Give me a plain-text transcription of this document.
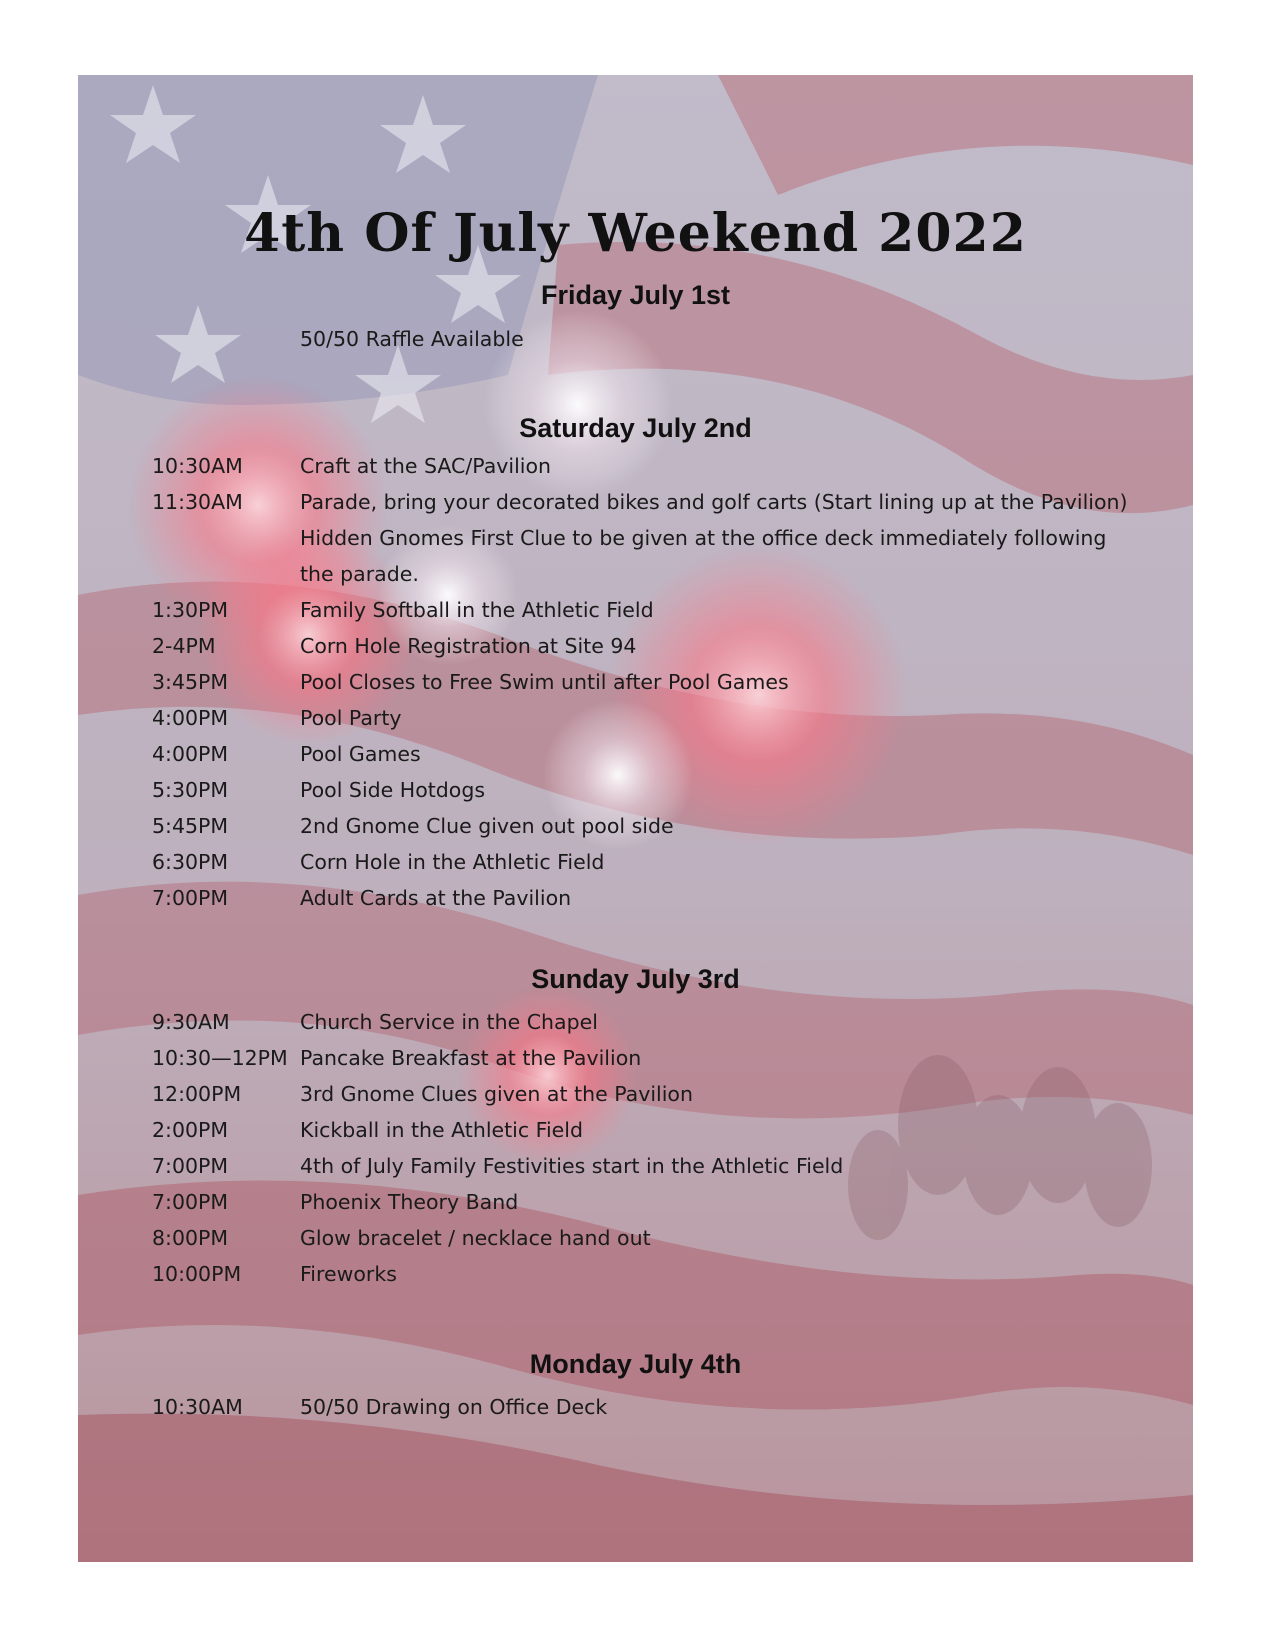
4th Of July Weekend 2022
Friday July 1st
50/50 Raffle Available
Saturday July 2nd
10:30AM	Craft at the SAC/Pavilion
11:30AM	Parade, bring your decorated bikes and golf carts (Start lining up at the Pavilion)
Hidden Gnomes First Clue to be given at the office deck immediately following
the parade.
1:30PM	Family Softball in the Athletic Field
2-4PM	Corn Hole Registration at Site 94
3:45PM	Pool Closes to Free Swim until after Pool Games
4:00PM	Pool Party
4:00PM	Pool Games
5:30PM	Pool Side Hotdogs
5:45PM	2nd Gnome Clue given out pool side
6:30PM	Corn Hole in the Athletic Field
7:00PM	Adult Cards at the Pavilion
Sunday July 3rd
9:30AM	Church Service in the Chapel
10:30—12PM Pancake Breakfast at the Pavilion
12:00PM	3rd Gnome Clues given at the Pavilion
2:00PM	Kickball in the Athletic Field
7:00PM	4th of July Family Festivities start in the Athletic Field
7:00PM	Phoenix Theory Band
8:00PM	Glow bracelet / necklace hand out
10:00PM	Fireworks
Monday July 4th
10:30AM	50/50 Drawing on Office Deck
